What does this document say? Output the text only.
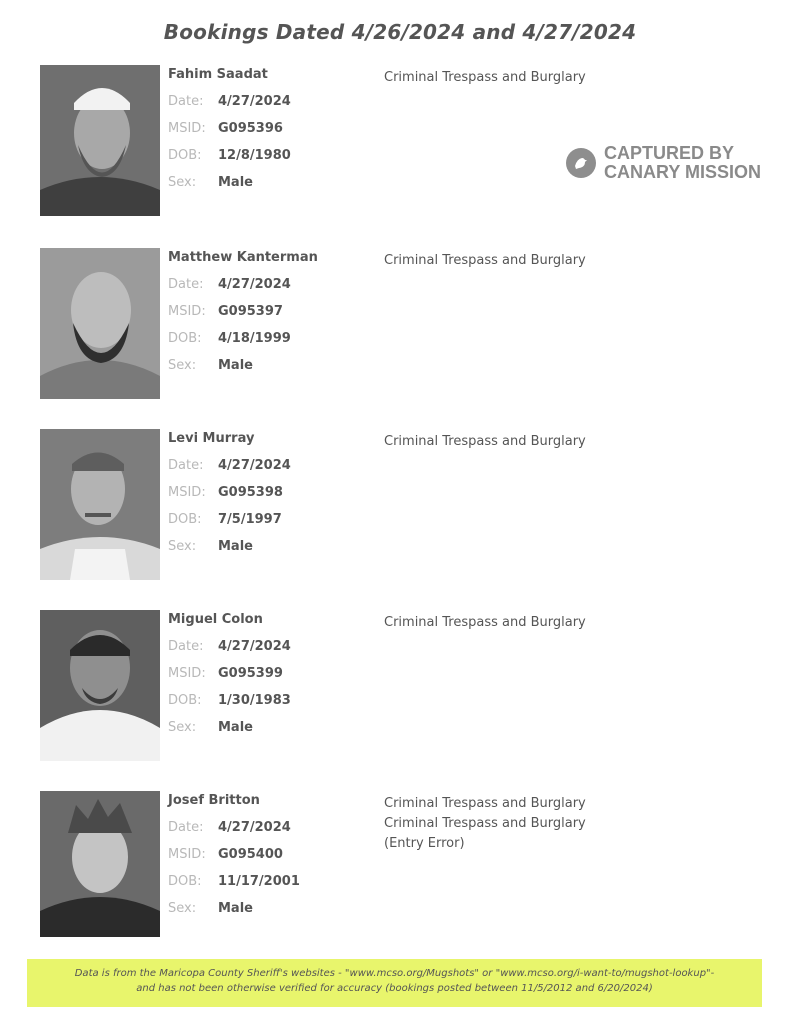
Bookings Dated 4/26/2024 and 4/27/2024
Fahim Saadat
Date: 4/27/2024
MSID: G095396
DOB: 12/8/1980
Sex: Male
Criminal Trespass and Burglary
CAPTURED BY
CANARY MISSION
Matthew Kanterman
Date: 4/27/2024
MSID: G095397
DOB: 4/18/1999
Sex: Male
Criminal Trespass and Burglary
Levi Murray
Date: 4/27/2024
MSID: G095398
DOB: 7/5/1997
Sex: Male
Criminal Trespass and Burglary
Miguel Colon
Date: 4/27/2024
MSID: G095399
DOB: 1/30/1983
Sex: Male
Criminal Trespass and Burglary
Josef Britton
Date: 4/27/2024
MSID: G095400
DOB: 11/17/2001
Sex: Male
Criminal Trespass and Burglary
Criminal Trespass and Burglary
(Entry Error)
Data is from the Maricopa County Sheriff's websites - "www.mcso.org/Mugshots" or "www.mcso.org/i-want-to/mugshot-lookup"-
and has not been otherwise verified for accuracy (bookings posted between 11/5/2012 and 6/20/2024)
